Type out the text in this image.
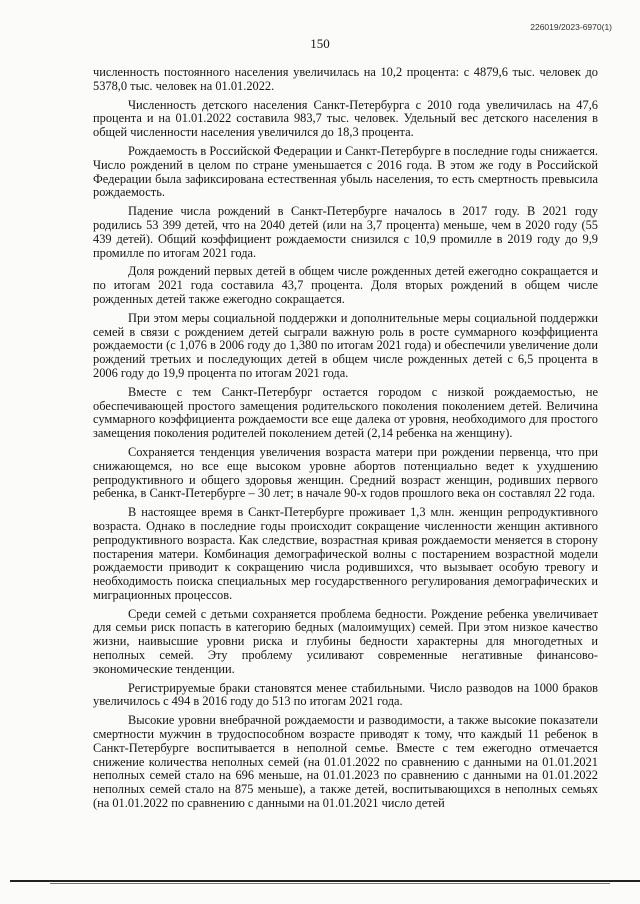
226019/2023-6970(1)
150

численность постоянного населения увеличилась на 10,2 процента: с 4879,6 тыс. человек до 5378,0 тыс. человек на 01.01.2022.

Численность детского населения Санкт-Петербурга с 2010 года увеличилась на 47,6 процента и на 01.01.2022 составила 983,7 тыс. человек. Удельный вес детского населения в общей численности населения увеличился до 18,3 процента.

Рождаемость в Российской Федерации и Санкт-Петербурге в последние годы снижается. Число рождений в целом по стране уменьшается с 2016 года. В этом же году в Российской Федерации была зафиксирована естественная убыль населения, то есть смертность превысила рождаемость.

Падение числа рождений в Санкт-Петербурге началось в 2017 году. В 2021 году родились 53 399 детей, что на 2040 детей (или на 3,7 процента) меньше, чем в 2020 году (55 439 детей). Общий коэффициент рождаемости снизился с 10,9 промилле в 2019 году до 9,9 промилле по итогам 2021 года.

Доля рождений первых детей в общем числе рожденных детей ежегодно сокращается и по итогам 2021 года составила 43,7 процента. Доля вторых рождений в общем числе рожденных детей также ежегодно сокращается.

При этом меры социальной поддержки и дополнительные меры социальной поддержки семей в связи с рождением детей сыграли важную роль в росте суммарного коэффициента рождаемости (с 1,076 в 2006 году до 1,380 по итогам 2021 года) и обеспечили увеличение доли рождений третьих и последующих детей в общем числе рожденных детей с 6,5 процента в 2006 году до 19,9 процента по итогам 2021 года.

Вместе с тем Санкт-Петербург остается городом с низкой рождаемостью, не обеспечивающей простого замещения родительского поколения поколением детей. Величина суммарного коэффициента рождаемости все еще далека от уровня, необходимого для простого замещения поколения родителей поколением детей (2,14 ребенка на женщину).

Сохраняется тенденция увеличения возраста матери при рождении первенца, что при снижающемся, но все еще высоком уровне абортов потенциально ведет к ухудшению репродуктивного и общего здоровья женщин. Средний возраст женщин, родивших первого ребенка, в Санкт-Петербурге – 30 лет; в начале 90-х годов прошлого века он составлял 22 года.

В настоящее время в Санкт-Петербурге проживает 1,3 млн. женщин репродуктивного возраста. Однако в последние годы происходит сокращение численности женщин активного репродуктивного возраста. Как следствие, возрастная кривая рождаемости меняется в сторону постарения матери. Комбинация демографической волны с постарением возрастной модели рождаемости приводит к сокращению числа родившихся, что вызывает особую тревогу и необходимость поиска специальных мер государственного регулирования демографических и миграционных процессов.

Среди семей с детьми сохраняется проблема бедности. Рождение ребенка увеличивает для семьи риск попасть в категорию бедных (малоимущих) семей. При этом низкое качество жизни, наивысшие уровни риска и глубины бедности характерны для многодетных и неполных семей. Эту проблему усиливают современные негативные финансово-экономические тенденции.

Регистрируемые браки становятся менее стабильными. Число разводов на 1000 браков увеличилось с 494 в 2016 году до 513 по итогам 2021 года.

Высокие уровни внебрачной рождаемости и разводимости, а также высокие показатели смертности мужчин в трудоспособном возрасте приводят к тому, что каждый 11 ребенок в Санкт-Петербурге воспитывается в неполной семье. Вместе с тем ежегодно отмечается снижение количества неполных семей (на 01.01.2022 по сравнению с данными на 01.01.2021 неполных семей стало на 696 меньше, на 01.01.2023 по сравнению с данными на 01.01.2022 неполных семей стало на 875 меньше), а также детей, воспитывающихся в неполных семьях (на 01.01.2022 по сравнению с данными на 01.01.2021 число детей
